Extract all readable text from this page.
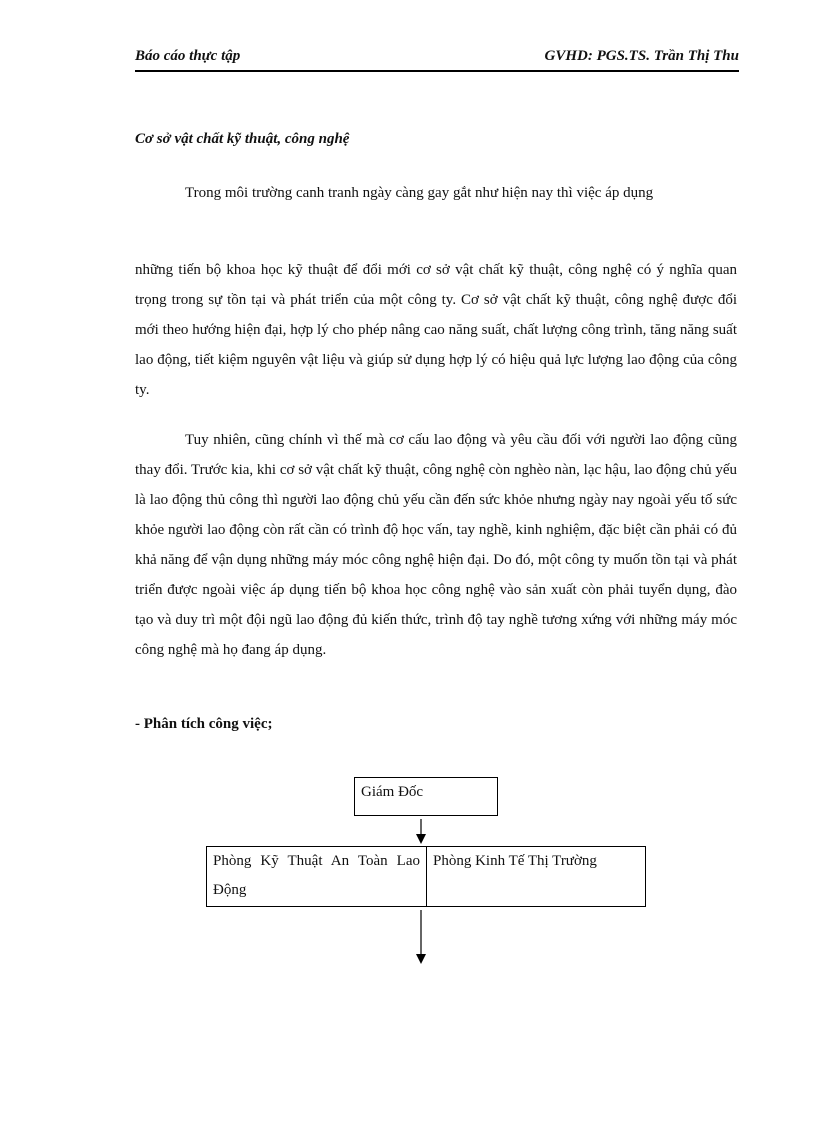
Báo cáo thực tập	GVHD: PGS.TS. Trần Thị Thu
Cơ sở vật chất kỹ thuật, công nghệ

Trong môi trường canh tranh ngày càng gay gắt như hiện nay thì việc áp dụng

những tiến bộ khoa học kỹ thuật để đổi mới cơ sở vật chất kỹ thuật, công nghệ có ý nghĩa quan trọng trong sự tồn tại và phát triển của một công ty. Cơ sở vật chất kỹ thuật, công nghệ được đổi mới theo hướng hiện đại, hợp lý cho phép nâng cao năng suất, chất lượng công trình, tăng năng suất lao động, tiết kiệm nguyên vật liệu và giúp sử dụng hợp lý có hiệu quả lực lượng lao động của công ty.

Tuy nhiên, cũng chính vì thế mà cơ cấu lao động và yêu cầu đối với người lao động cũng thay đổi. Trước kia, khi cơ sở vật chất kỹ thuật, công nghệ còn nghèo nàn, lạc hậu, lao động chủ yếu là lao động thủ công thì người lao động chủ yếu cần đến sức khỏe nhưng ngày nay ngoài yếu tố sức khỏe người lao động còn rất cần có trình độ học vấn, tay nghề, kinh nghiệm, đặc biệt cần phải có đủ khả năng để vận dụng những máy móc công nghệ hiện đại. Do đó, một công ty muốn tồn tại và phát triển được ngoài việc áp dụng tiến bộ khoa học công nghệ vào sản xuất còn phải tuyển dụng, đào tạo và duy trì một đội ngũ lao động đủ kiến thức, trình độ tay nghề tương xứng với những máy móc công nghệ mà họ đang áp dụng.

- Phân tích công việc;
Giám Đốc
Phòng Kỹ Thuật An Toàn Lao Động
Phòng Kinh Tế Thị Trường
